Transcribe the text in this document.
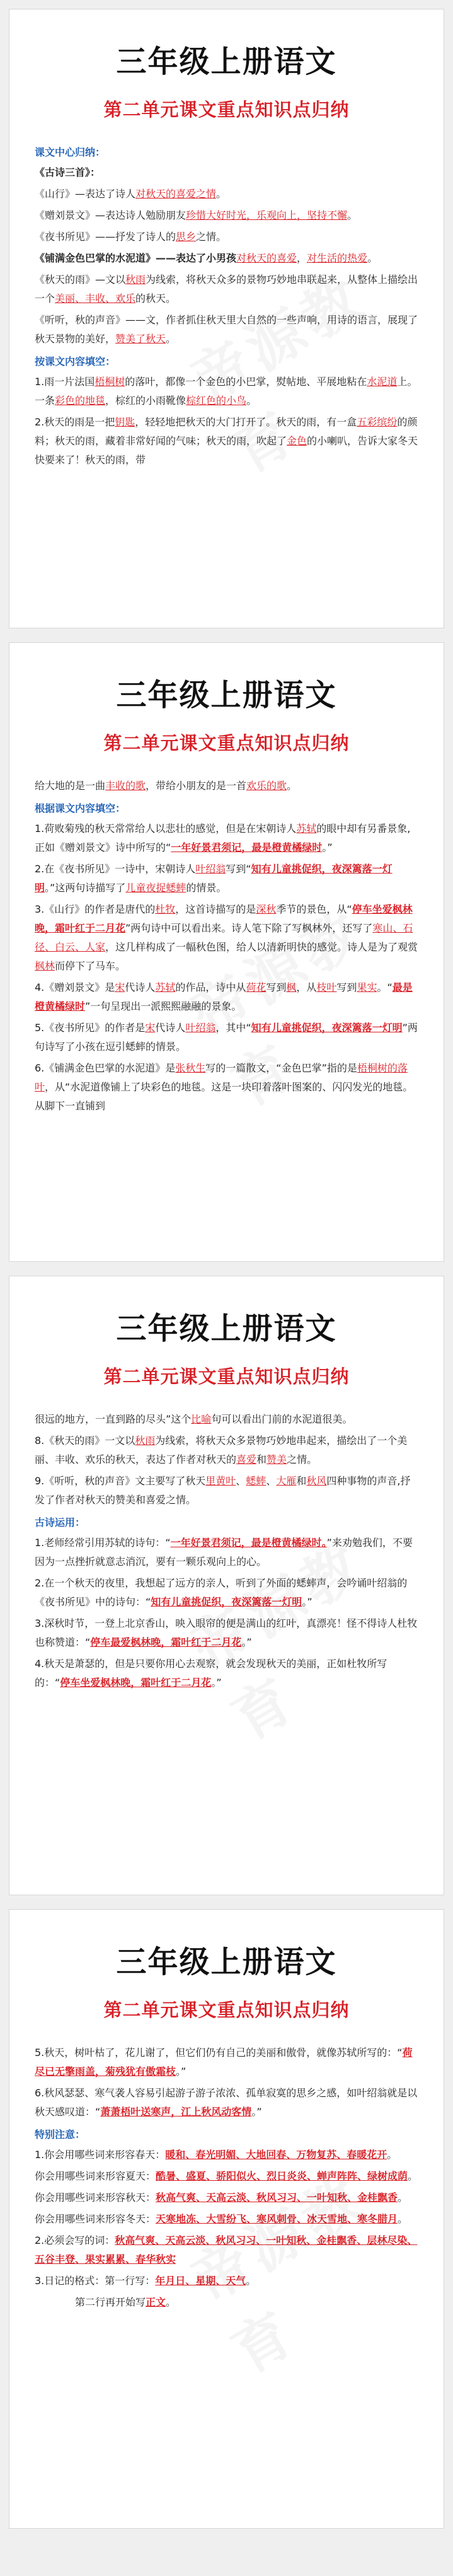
三年级上册语文
第二单元课文重点知识点归纳
课文中心归纳：

《古诗三首》：

《山行》—表达了诗人对秋天的喜爱之情。

《赠刘景文》—表达诗人勉励朋友珍惜大好时光，乐观向上，坚持不懈。

《夜书所见》——抒发了诗人的思乡之情。

《铺满金色巴掌的水泥道》——表达了小男孩对秋天的喜爱，对生活的热爱。

《秋天的雨》—文以秋雨为线索，将秋天众多的景物巧妙地串联起来，从整体上描绘出一个美丽、丰收、欢乐的秋天。

《听听，秋的声音》——文，作者抓住秋天里大自然的一些声响，用诗的语言，展现了秋天景物的美好，赞美了秋天。

按课文内容填空：

1.雨一片法国梧桐树的落叶，都像一个金色的小巴掌，熨帖地、平展地粘在水泥道上。一条彩色的地毯，棕红的小雨靴像棕红色的小鸟。

2.秋天的雨是一把钥匙，轻轻地把秋天的大门打开了。秋天的雨，有一盒五彩缤纷的颜料；秋天的雨，藏着非常好闻的气味；秋天的雨，吹起了金色的小喇叭，告诉大家冬天快要来了！秋天的雨，带

三年级上册语文
第二单元课文重点知识点归纳

给大地的是一曲丰收的歌，带给小朋友的是一首欢乐的歌。

根据课文内容填空：

1.荷败菊残的秋天常常给人以悲壮的感觉，但是在宋朝诗人苏轼的眼中却有另番景象,正如《赠刘景文》诗中所写的“一年好景君须记，最是橙黄橘绿时。”

2.在《夜书所见》一诗中，宋朝诗人叶绍翁写到“知有儿童挑促织，夜深篱落一灯明。”这两句诗描写了儿童夜捉蟋蟀的情景。

3.《山行》的作者是唐代的杜牧，这首诗描写的是深秋季节的景色，从“停车坐爱枫林晚，霜叶红于二月花”两句诗中可以看出来。诗人笔下除了写枫林外，还写了寒山、石径、白云、人家，这几样构成了一幅秋色图，给人以清新明快的感觉。诗人是为了观赏枫林而停下了马车。

4.《赠刘景文》是宋代诗人苏轼的作品，诗中从荷花写到枫，从枝叶写到果实。“最是橙黄橘绿时”一句呈现出一派熙熙融融的景象。

5.《夜书所见》的作者是宋代诗人叶绍翁，其中“知有儿童挑促织，夜深篱落一灯明”两句诗写了小孩在逗引蟋蟀的情景。

6.《铺满金色巴掌的水泥道》是张秋生写的一篇散文，“金色巴掌”指的是梧桐树的落叶，从“水泥道像铺上了块彩色的地毯。这是一块印着落叶图案的、闪闪发光的地毯。从脚下一直铺到

三年级上册语文
第二单元课文重点知识点归纳

很远的地方，一直到路的尽头”这个比喻句可以看出门前的水泥道很美。

8.《秋天的雨》一文以秋雨为线索，将秋天众多景物巧妙地串起来，描绘出了一个美丽、丰收、欢乐的秋天，表达了作者对秋天的喜爱和赞美之情。

9.《听听，秋的声音》文主要写了秋天里黄叶、蟋蟀、大雁和秋风四种事物的声音,抒发了作者对秋天的赞美和喜爱之情。

古诗运用：

1.老师经常引用苏轼的诗句：“一年好景君须记，最是橙黄橘绿时。”来劝勉我们，不要因为一点挫折就意志消沉，要有一颗乐观向上的心。

2.在一个秋天的夜里，我想起了远方的亲人，听到了外面的蟋蟀声，会吟诵叶绍翁的《夜书所见》中的诗句：“知有儿童挑促织，夜深篱落一灯明。”

3.深秋时节，一登上北京香山，映入眼帘的便是满山的红叶，真漂亮！怪不得诗人杜牧也称赞道：“停车最爱枫林晚，霜叶红于二月花。”

4.秋天是萧瑟的，但是只要你用心去观察，就会发现秋天的美丽，正如杜牧所写的：“停车坐爱枫林晚，霜叶红于二月花。”

三年级上册语文
第二单元课文重点知识点归纳

5.秋天，树叶枯了，花儿谢了，但它们仍有自己的美丽和傲骨，就像苏轼所写的：“荷尽已无擎雨盖，菊残犹有傲霜枝。”

6.秋风瑟瑟、寒气袭人容易引起游子游子浓浓、孤单寂寞的思乡之感，如叶绍翁就是以秋天感叹道：“萧萧梧叶送寒声，江上秋风动客情。”

特别注意：

1.你会用哪些词来形容春天：暖和、春光明媚、大地回春、万物复苏、春暖花开。

你会用哪些词来形容夏天：酷暑、盛夏、骄阳似火、烈日炎炎、蝉声阵阵、绿树成荫。

你会用哪些词来形容秋天：秋高气爽、天高云淡、秋风习习、一叶知秋、金桂飘香。

你会用哪些词来形容冬天：天寒地冻、大雪纷飞、寒风刺骨、冰天雪地、寒冬腊月。

2.必须会写的词：秋高气爽、天高云淡、秋风习习、一叶知秋、金桂飘香、层林尽染、五谷丰登、果实累累、春华秋实

3.日记的格式：第一行写：年月日、星期、天气。

第二行再开始写正文。
